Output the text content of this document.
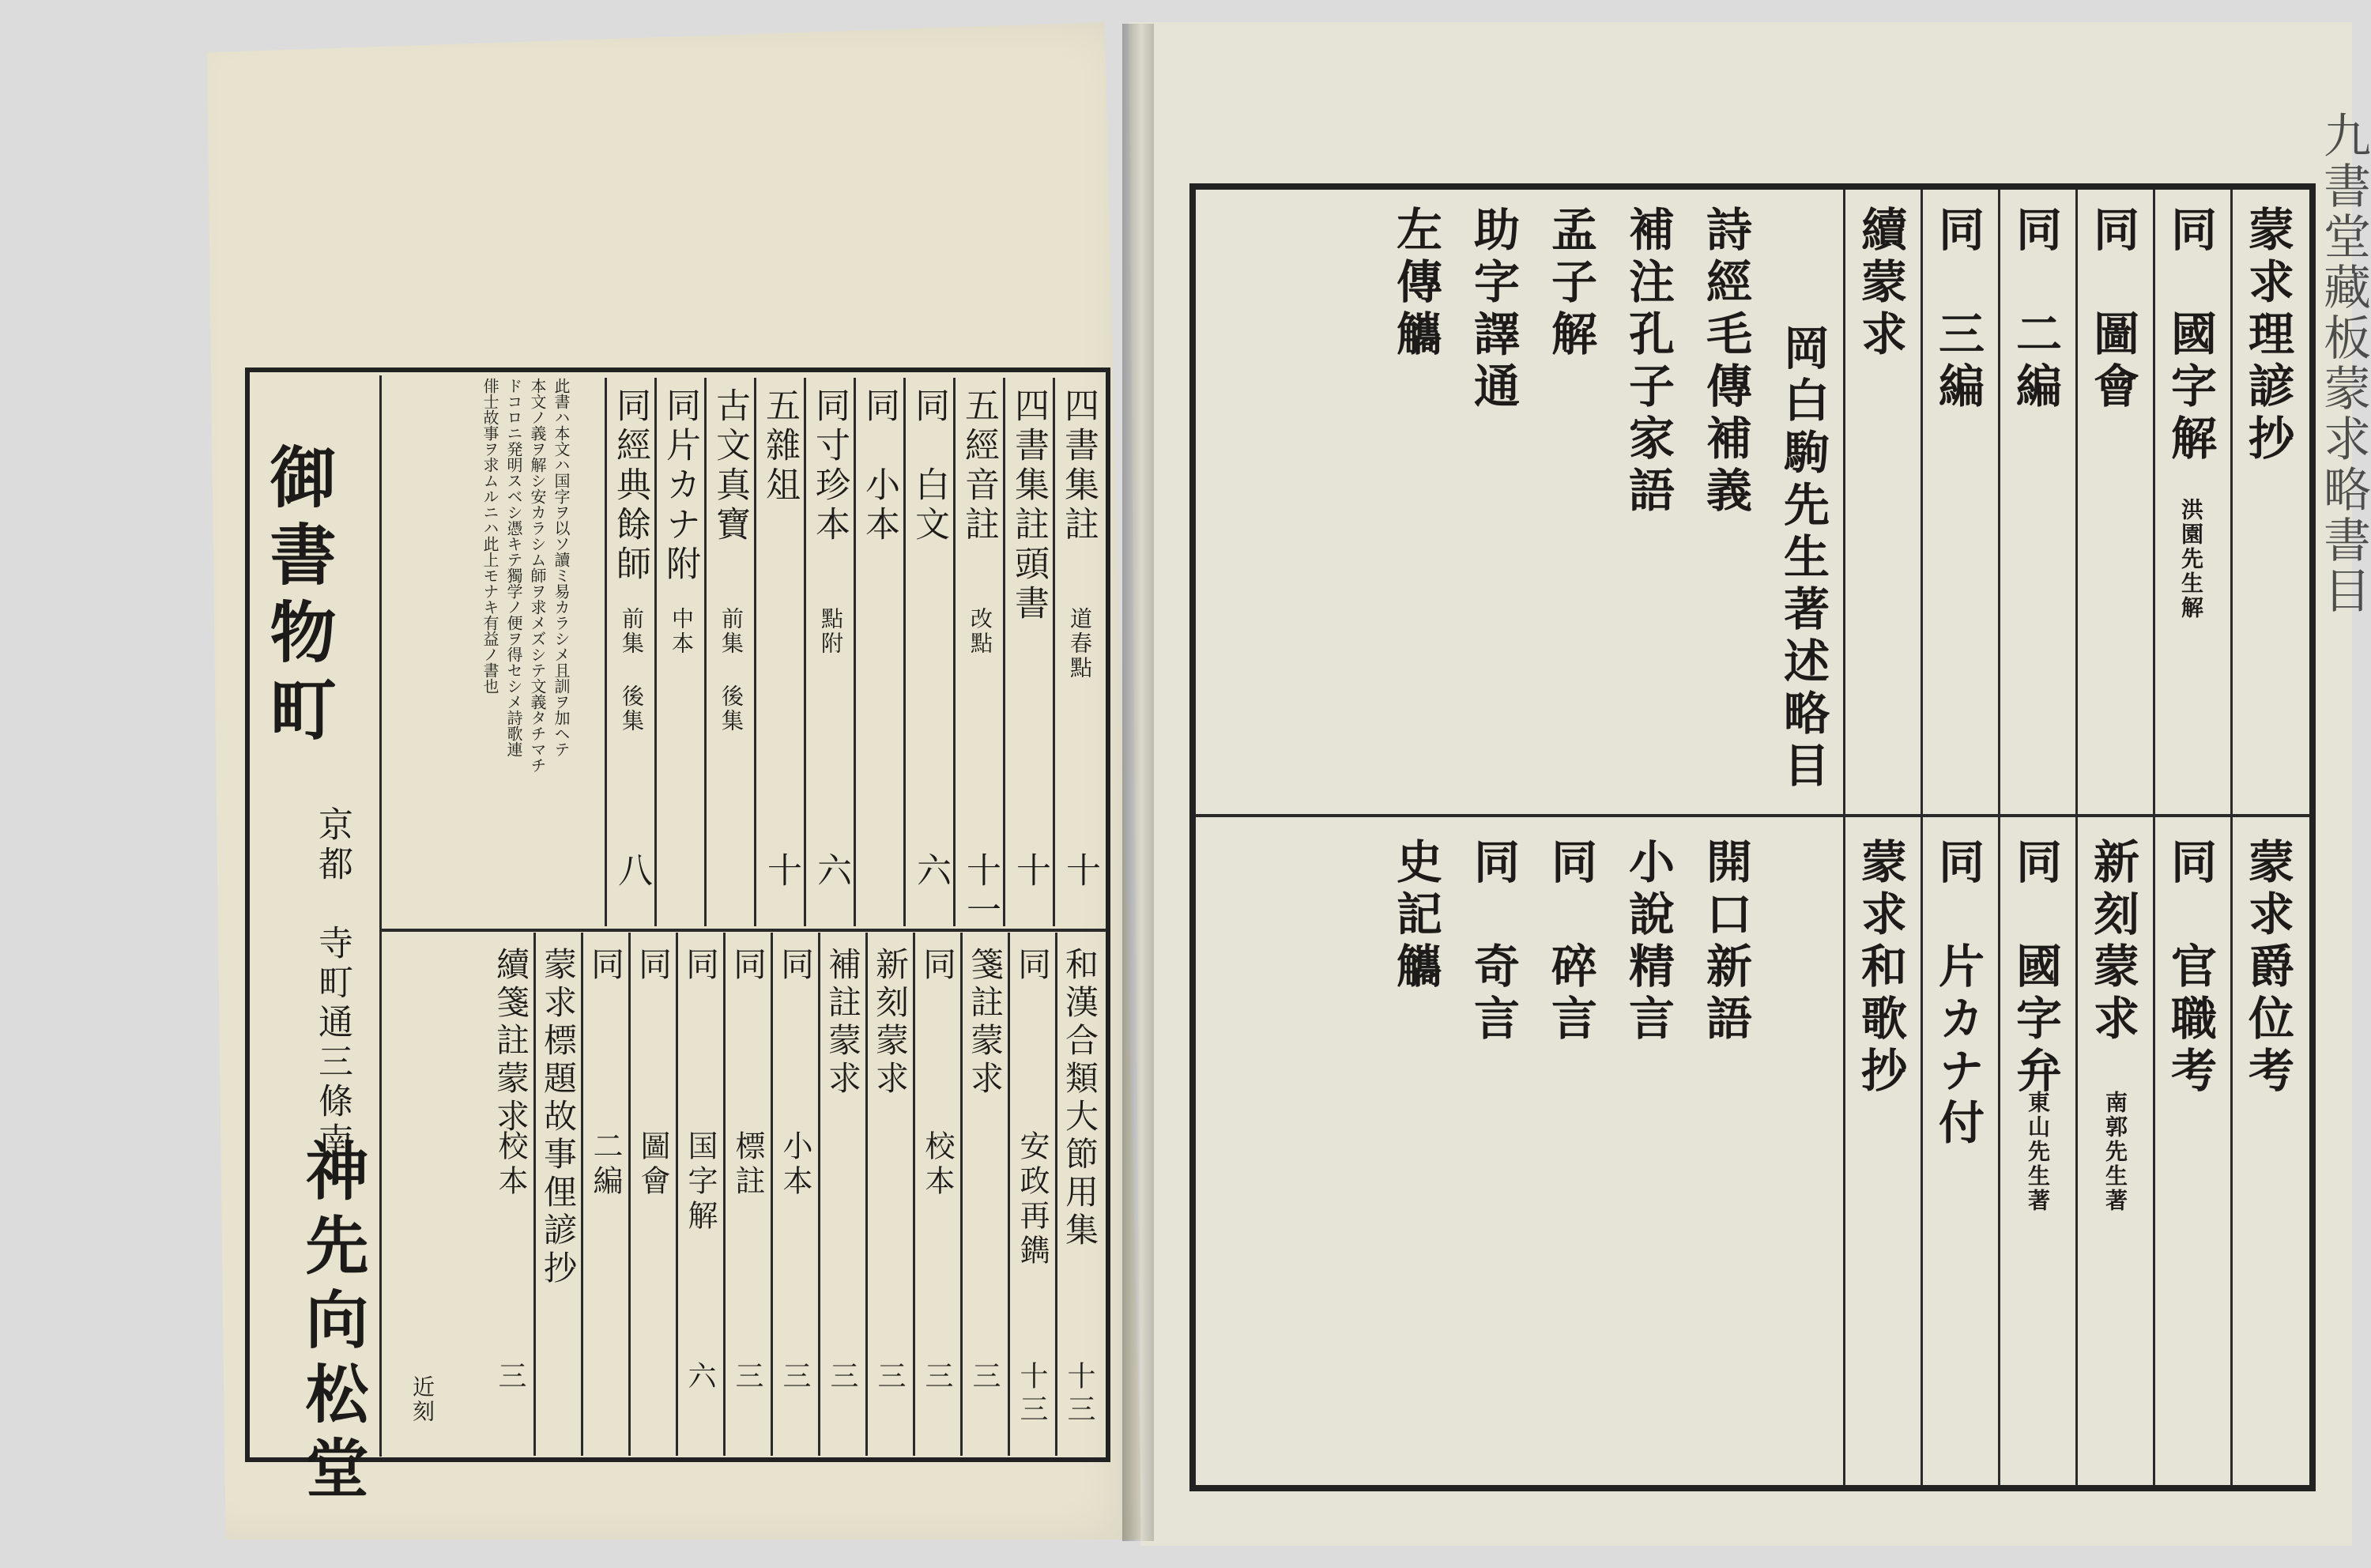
御書物町
京都　寺町通三條南
神先向松堂
四書集註
道春點
十
四書集註頭書
十
五經音註
改點
十一
同　白文
六
同　小本
同寸珍本
點附
六
五雜俎
十
古文真寶
前集 後集
同片カナ附
中本
同經典餘師
前集 後集
八
此書ハ本文ハ国字ヲ以ソ讀ミ易カラシメ且訓ヲ加ヘテ
本文ノ義ヲ解シ安カラシム師ヲ求メズシテ文義タチマチ
ドコロニ発明スベシ憑キテ獨学ノ便ヲ得セシメ詩歌連
俳士故事ヲ求ムルニハ此上モナキ有益ノ書也
和漢合類大節用集
十三
同
安政再鐫
十三
箋註蒙求
三
同
校本
三
新刻蒙求
三
補註蒙求
三
同
小本
三
同
標註
三
同
国字解
六
同
圖會
同
二編
蒙求標題故事俚諺抄
續箋註蒙求
校本
三
近刻
九書堂藏板蒙求略書目
蒙求理諺抄
同　國字解
洪園先生解
同　圖會
同　二編
同　三編
續蒙求
岡白駒先生著述略目
詩經毛傳補義
補注孔子家語
孟子解
助字譯通
左傳觿
蒙求爵位考
同　官職考
新刻蒙求
南郭先生著
同　國字弁
東山先生著
同　片カナ付
蒙求和歌抄
開口新語
小說精言
同　碎言
同　奇言
史記觿
